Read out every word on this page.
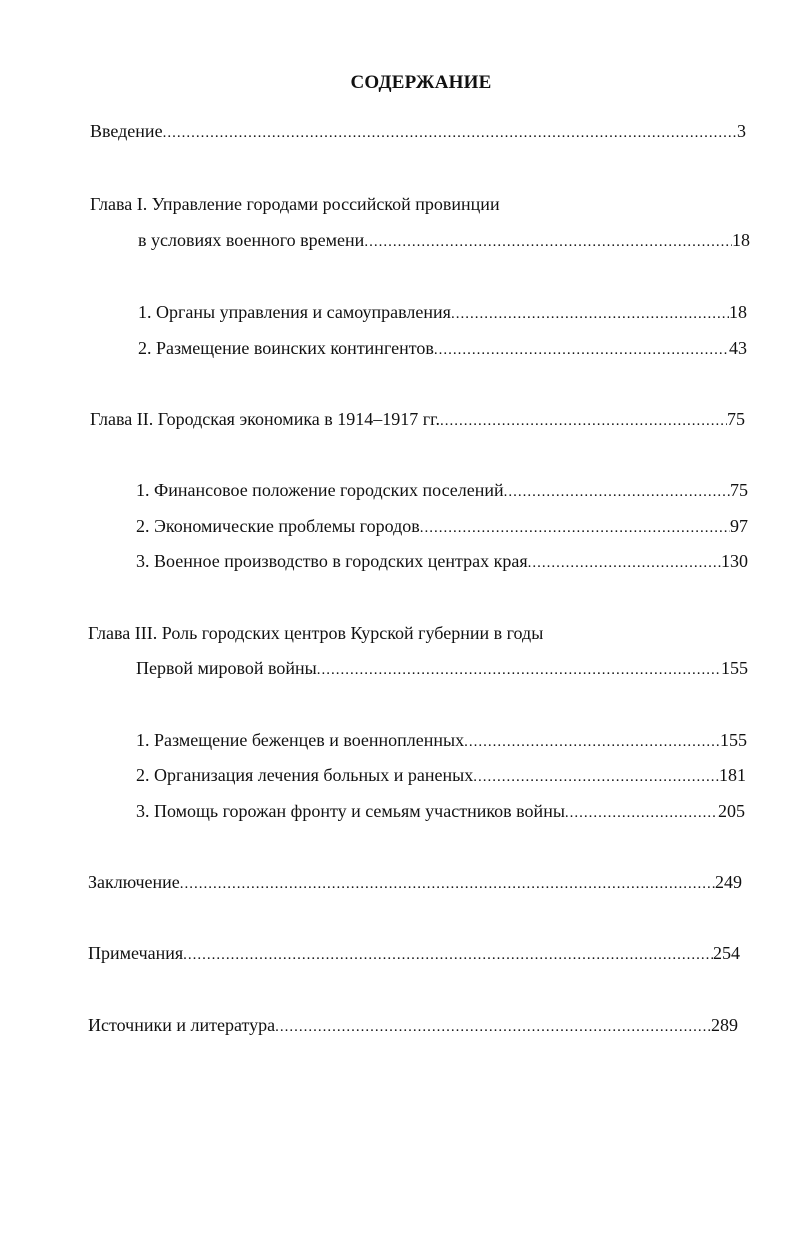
СОДЕРЖАНИЕ
Введение .....	3
Глава I. Управление городами российской провинции
в условиях военного времени .....	18
1. Органы управления и самоуправления .....	18
2. Размещение воинских контингентов .....	43
Глава II. Городская экономика в 1914–1917 гг. .....	75
1. Финансовое положение городских поселений .....	75
2. Экономические проблемы городов .....	97
3. Военное производство в городских центрах края .....	130
Глава III. Роль городских центров Курской губернии в годы
Первой мировой войны .....	155
1. Размещение беженцев и военнопленных .....	155
2. Организация лечения больных и раненых .....	181
3. Помощь горожан фронту и семьям участников войны .....	205
Заключение .....	249
Примечания .....	254
Источники и литература .....	289
